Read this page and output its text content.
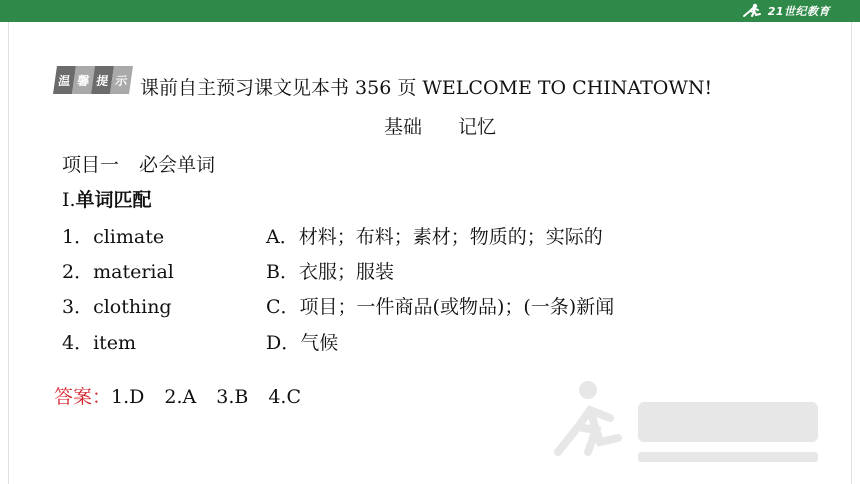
21世纪教育
温 馨 提 示 课前自主预习课文见本书 356 页 WELCOME TO CHINATOWN!
基础 记忆
项目一 必会单词
Ⅰ.单词匹配
1．climate
2．material
3．clothing
4．item
A．材料；布料；素材；物质的；实际的
B．衣服；服装
C．项目；一件商品(或物品)；(一条)新闻
D．气候
答案：1.D 2.A 3.B 4.C
